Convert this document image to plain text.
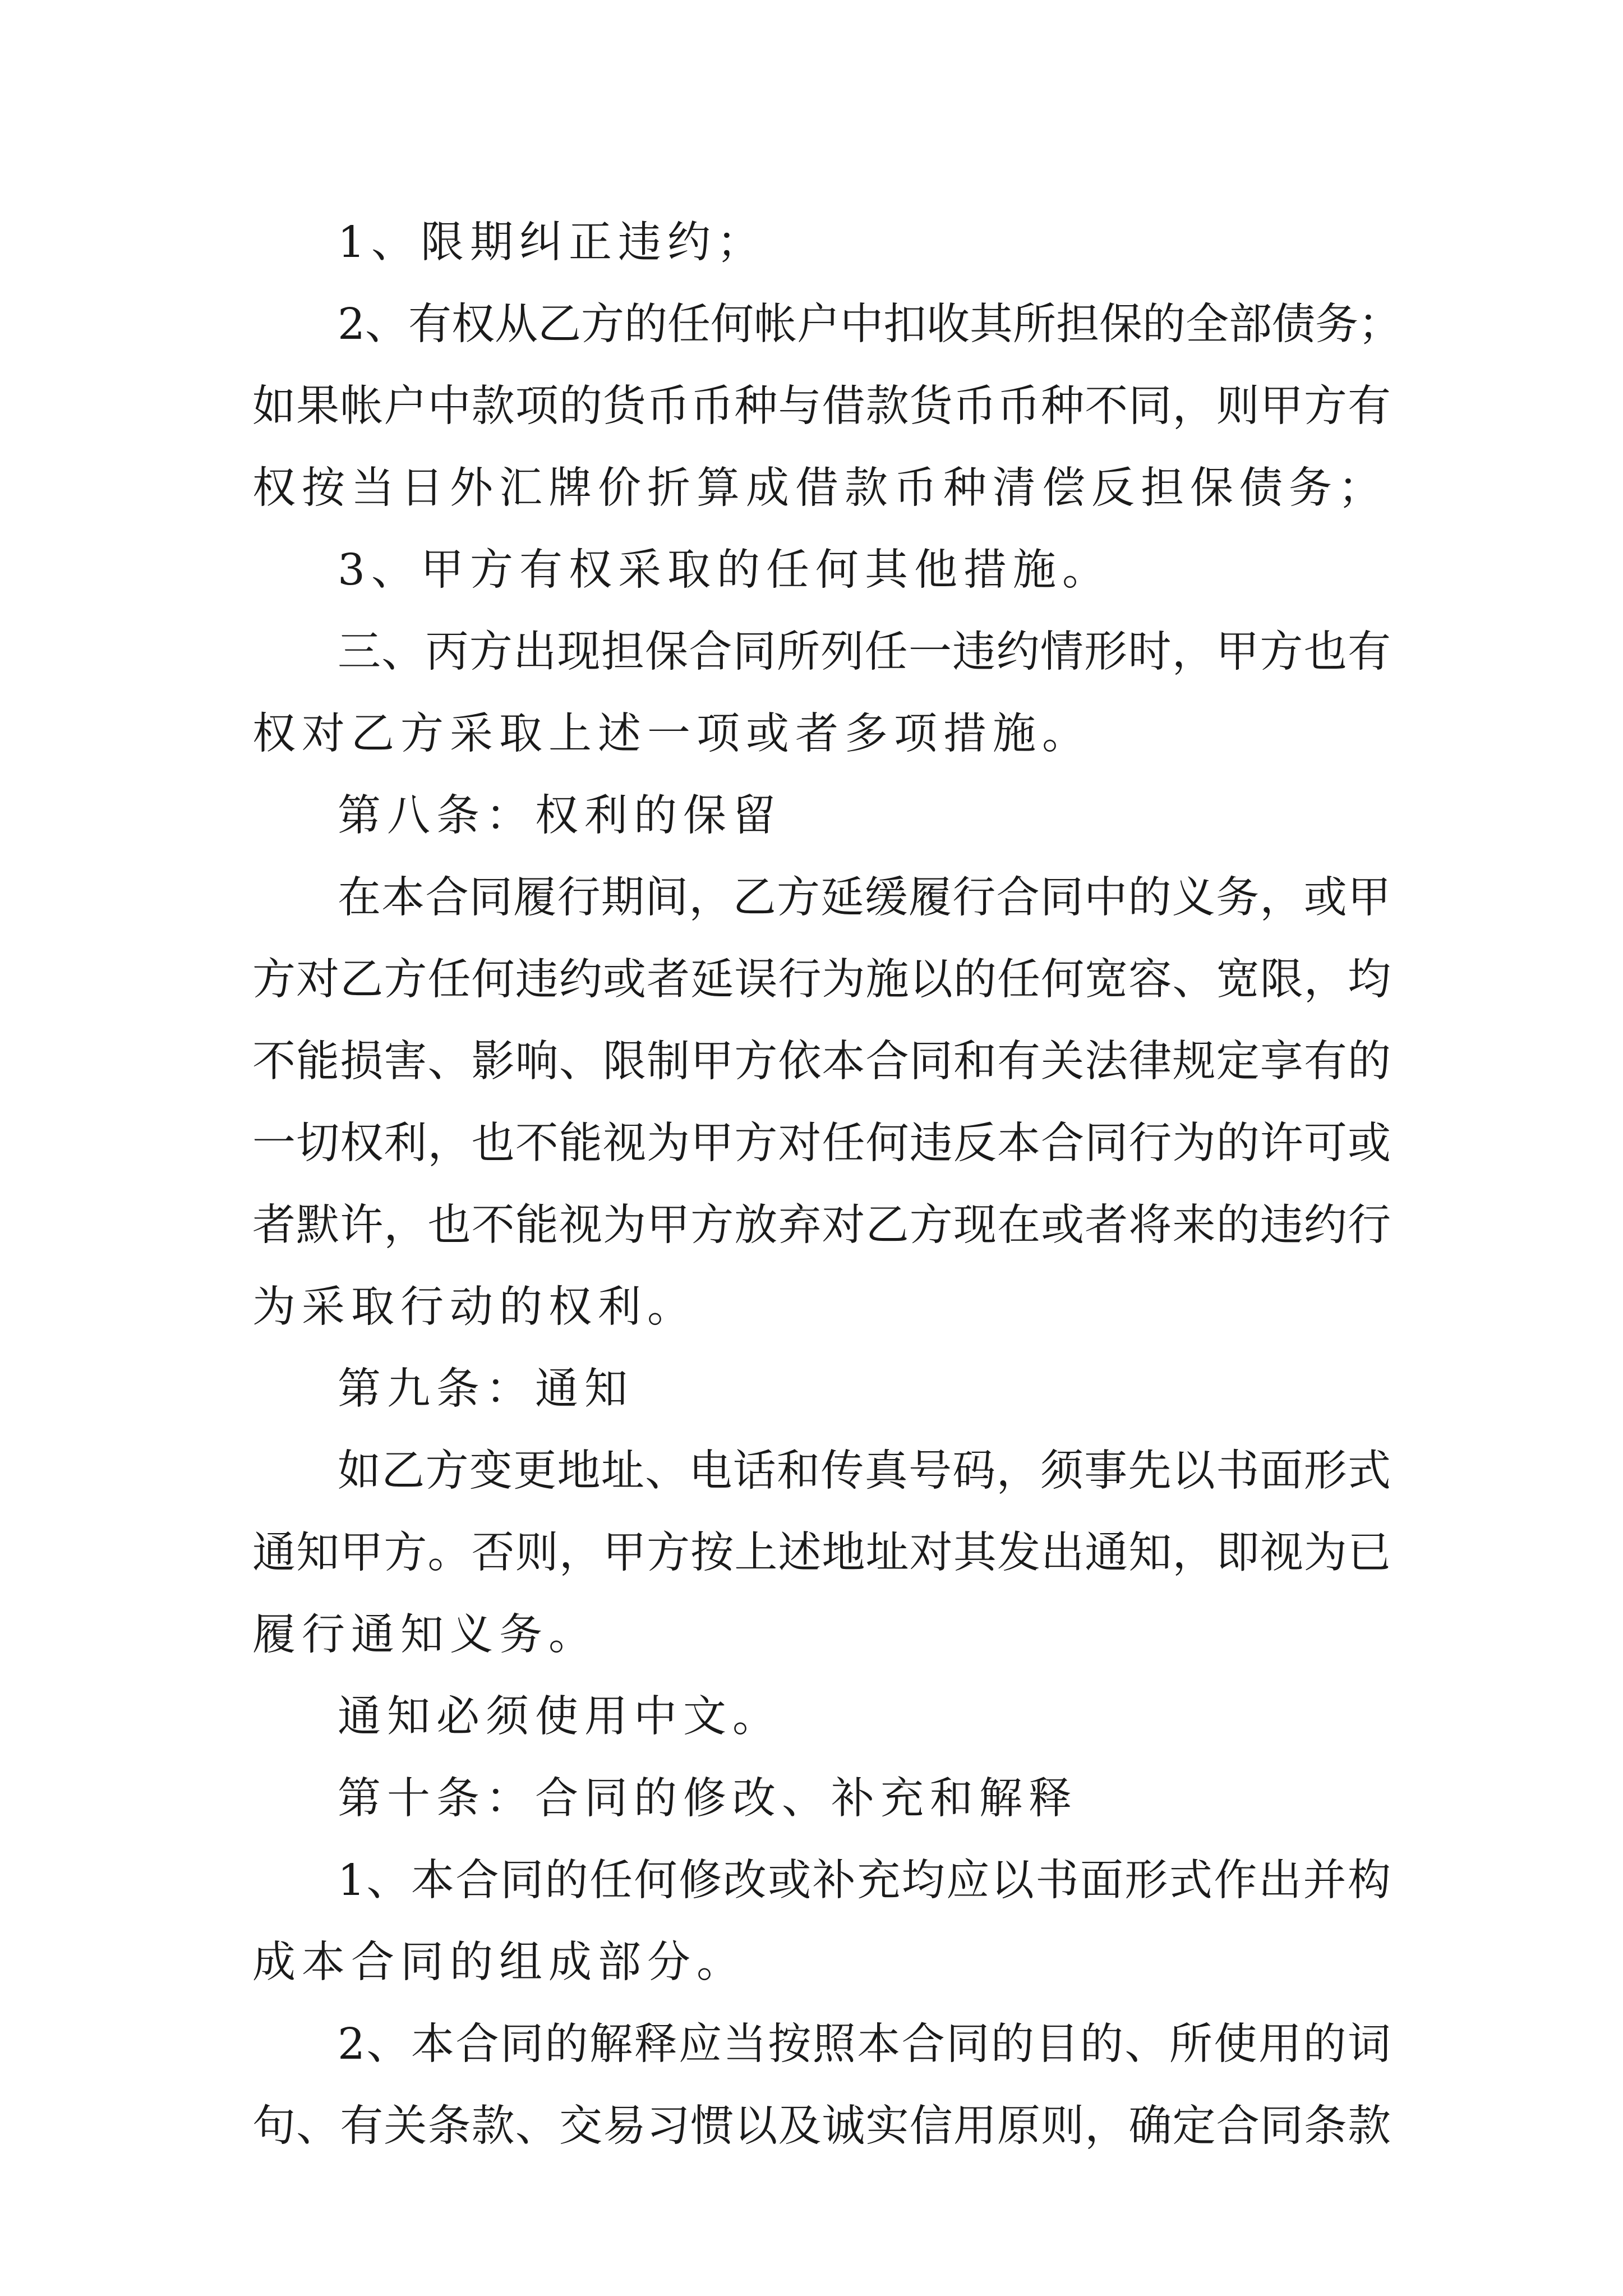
1、限期纠正违约；
2、有权从乙方的任何帐户中扣收其所担保的全部债务；
如果帐户中款项的货币币种与借款货币币种不同，则甲方有
权按当日外汇牌价折算成借款币种清偿反担保债务；
3、甲方有权采取的任何其他措施。
三、丙方出现担保合同所列任一违约情形时，甲方也有
权对乙方采取上述一项或者多项措施。
第八条：权利的保留
在本合同履行期间，乙方延缓履行合同中的义务，或甲
方对乙方任何违约或者延误行为施以的任何宽容、宽限，均
不能损害、影响、限制甲方依本合同和有关法律规定享有的
一切权利，也不能视为甲方对任何违反本合同行为的许可或
者默许，也不能视为甲方放弃对乙方现在或者将来的违约行
为采取行动的权利。
第九条：通知
如乙方变更地址、电话和传真号码，须事先以书面形式
通知甲方。否则，甲方按上述地址对其发出通知，即视为已
履行通知义务。
通知必须使用中文。
第十条：合同的修改、补充和解释
1、本合同的任何修改或补充均应以书面形式作出并构
成本合同的组成部分。
2、本合同的解释应当按照本合同的目的、所使用的词
句、有关条款、交易习惯以及诚实信用原则，确定合同条款
